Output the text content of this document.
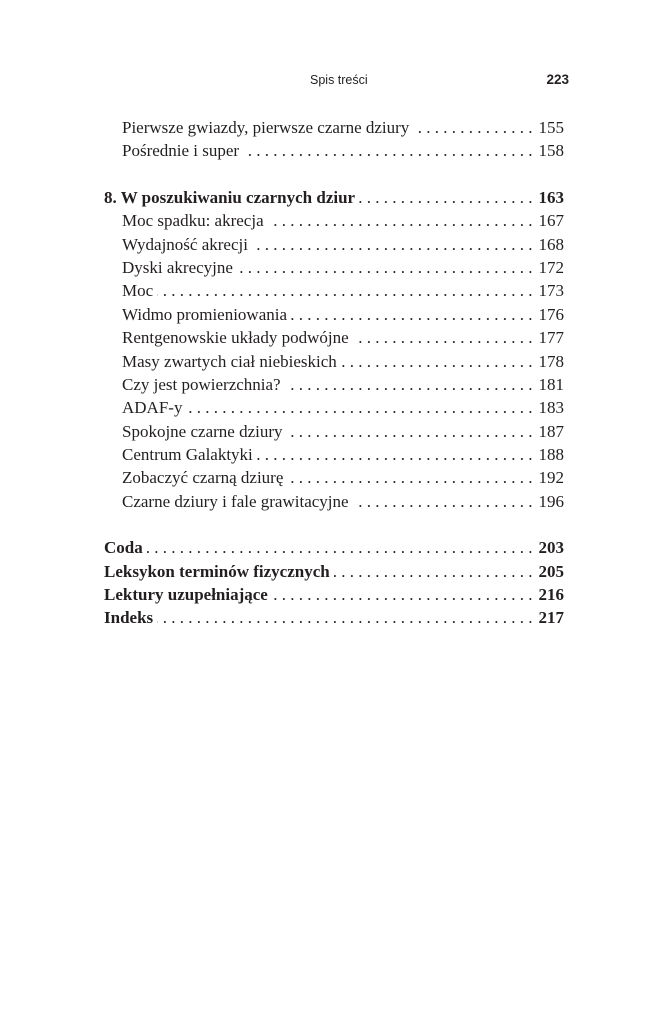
Spis treści	223
Pierwsze gwiazdy, pierwsze czarne dziury . . .	155
Pośrednie i super . . .	158
8. W poszukiwaniu czarnych dziur . . .	163
Moc spadku: akrecja . . .	167
Wydajność akrecji . . .	168
Dyski akrecyjne . . .	172
Moc . . .	173
Widmo promieniowania . . .	176
Rentgenowskie układy podwójne . . .	177
Masy zwartych ciał niebieskich . . .	178
Czy jest powierzchnia? . . .	181
ADAF-y . . .	183
Spokojne czarne dziury . . .	187
Centrum Galaktyki . . .	188
Zobaczyć czarną dziurę . . .	192
Czarne dziury i fale grawitacyjne . . .	196
Coda . . .	203
Leksykon terminów fizycznych . . .	205
Lektury uzupełniające . . .	216
Indeks . . .	217
